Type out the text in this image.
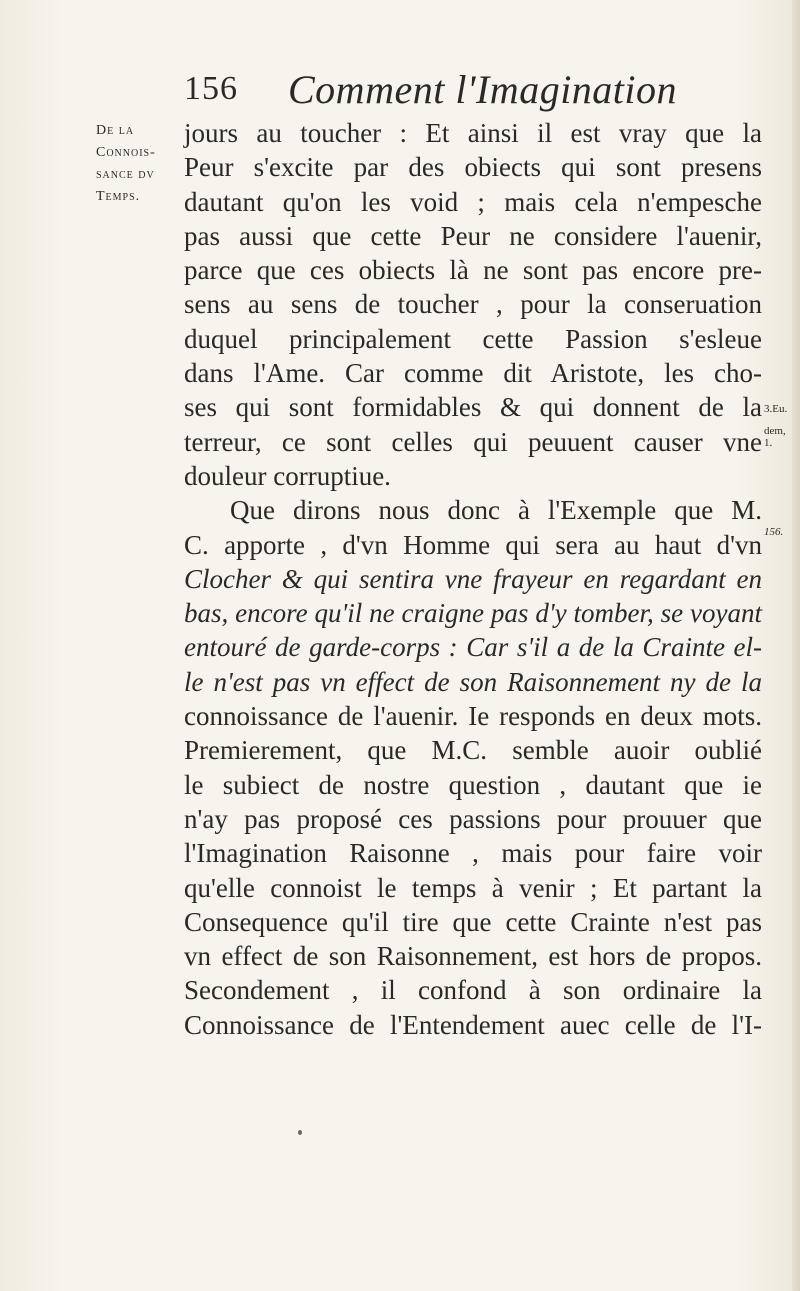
156 Comment l'Imagination
De la
Connois-
sance dv
Temps.
jours au toucher : Et ainsi il est vray que la
Peur s'excite par des obiects qui sont presens
dautant qu'on les void ; mais cela n'empesche
pas aussi que cette Peur ne considere l'auenir,
parce que ces obiects là ne sont pas encore pre-
sens au sens de toucher , pour la conseruation
duquel principalement cette Passion s'esleue
dans l'Ame. Car comme dit Aristote, les cho-
ses qui sont formidables & qui donnent de la
terreur, ce sont celles qui peuuent causer vne
douleur corruptiue.
Que dirons nous donc à l'Exemple que M.
C. apporte , d'vn Homme qui sera au haut d'vn
Clocher & qui sentira vne frayeur en regardant en
bas, encore qu'il ne craigne pas d'y tomber, se voyant
entouré de garde-corps : Car s'il a de la Crainte el-
le n'est pas vn effect de son Raisonnement ny de la
connoissance de l'auenir. Ie responds en deux mots.
Premierement, que M.C. semble auoir oublié
le subiect de nostre question , dautant que ie
n'ay pas proposé ces passions pour prouuer que
l'Imagination Raisonne , mais pour faire voir
qu'elle connoist le temps à venir ; Et partant la
Consequence qu'il tire que cette Crainte n'est pas
vn effect de son Raisonnement, est hors de propos.
Secondement , il confond à son ordinaire la
Connoissance de l'Entendement auec celle de l'I-
3.Eu.
dem,
1.
156.
